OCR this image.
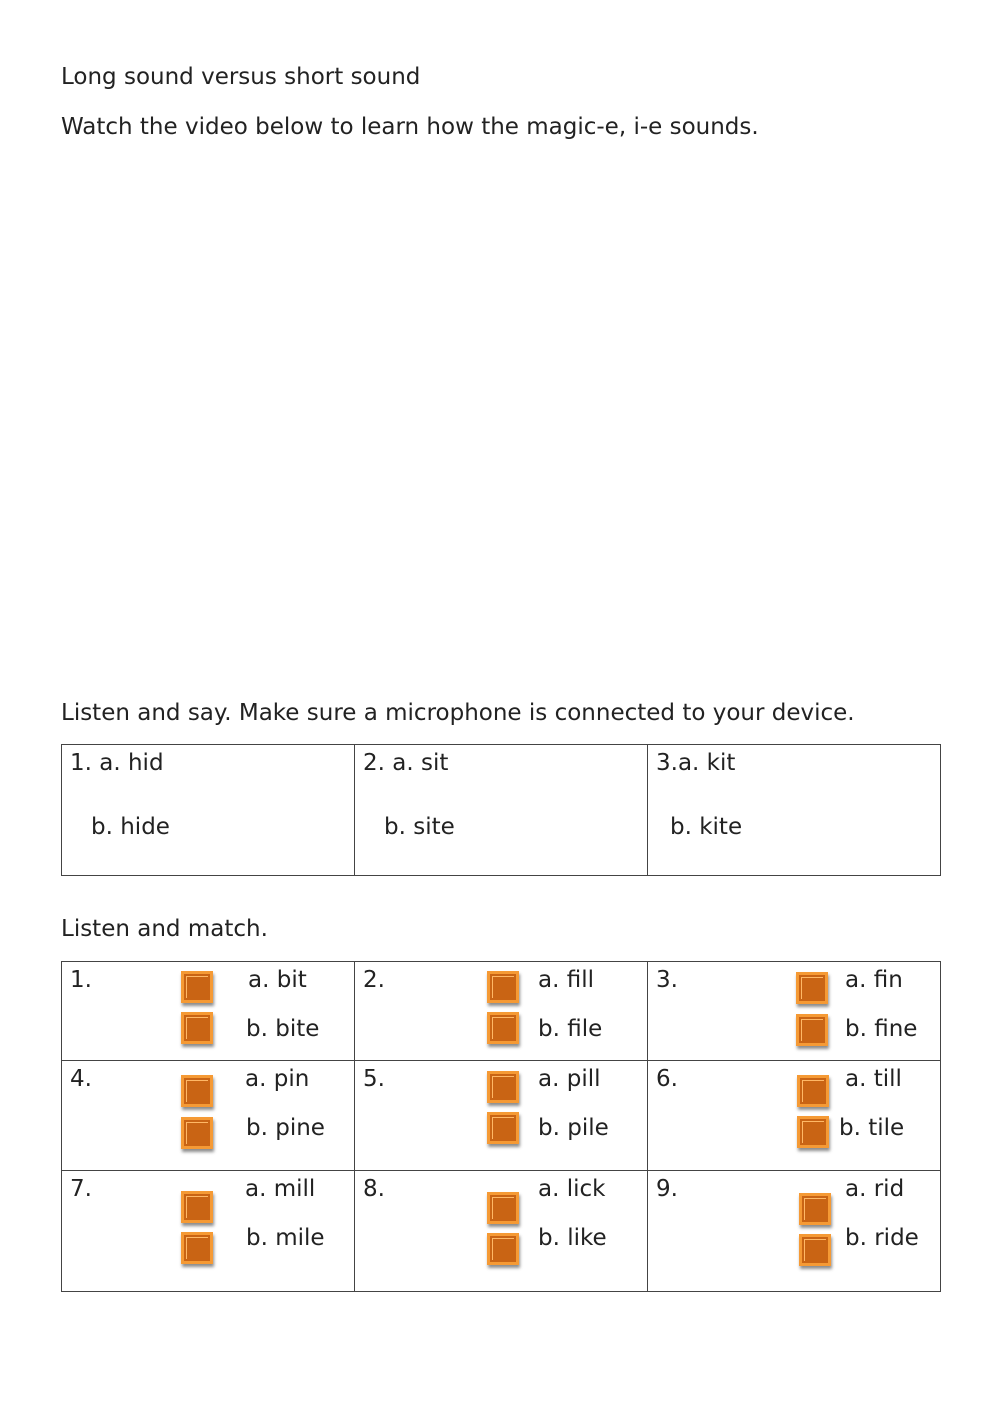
Long sound versus short sound
Watch the video below to learn how the magic-e, i-e sounds.
Listen and say. Make sure a microphone is connected to your device.
1. a. hid
b. hide

2. a. sit
b. site

3.a. kit
b. kite
Listen and match.
1. a. bit
b. bite	2. a. fill
b. file	3. a. fin
b. fine

4. a. pin
b. pine	5. a. pill
b. pile	6. a. till
b. tile

7. a. mill
b. mile	8. a. lick
b. like	9. a. rid
b. ride
